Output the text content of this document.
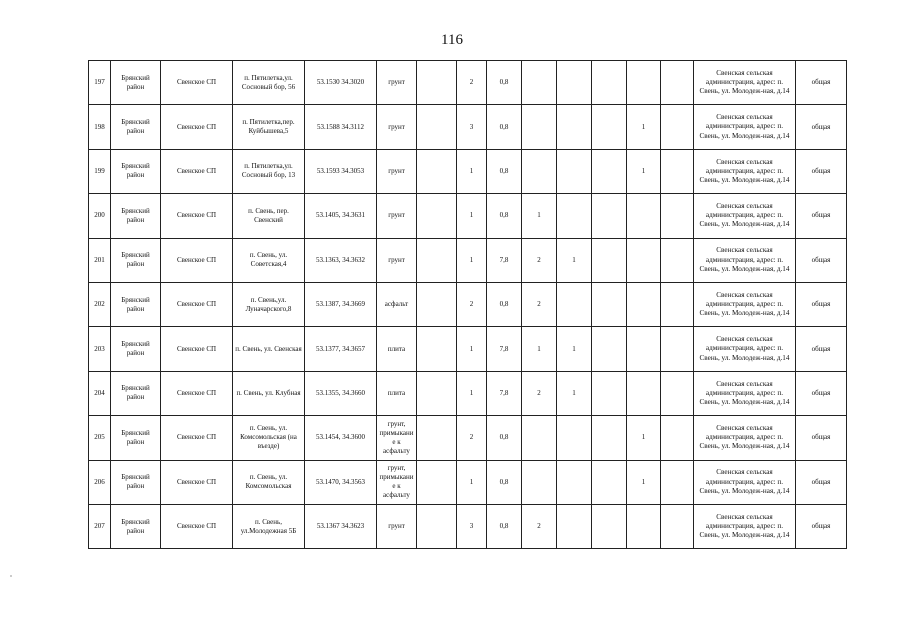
116
197	Брянский район	Свенское СП	п. Пятилетка,ул. Сосновый бор, 56	53.1530 34.3020	грунт		2	0,8						Свенская сельская администрация, адрес: п. Свень, ул. Молодеж-ная, д.14	общая
198	Брянский район	Свенское СП	п. Пятилетка,пер. Куйбышева,5	53.1588 34.3112	грунт		3	0,8				1		Свенская сельская администрация, адрес: п. Свень, ул. Молодеж-ная, д.14	общая
199	Брянский район	Свенское СП	п. Пятилетка,ул. Сосновый бор, 13	53.1593 34.3053	грунт		1	0,8				1		Свенская сельская администрация, адрес: п. Свень, ул. Молодеж-ная, д.14	общая
200	Брянский район	Свенское СП	п. Свень, пер. Свенский	53.1405, 34.3631	грунт		1	0,8	1					Свенская сельская администрация, адрес: п. Свень, ул. Молодеж-ная, д.14	общая
201	Брянский район	Свенское СП	п. Свень, ул. Советская,4	53.1363, 34.3632	грунт		1	7,8	2	1				Свенская сельская администрация, адрес: п. Свень, ул. Молодеж-ная, д.14	общая
202	Брянский район	Свенское СП	п. Свень,ул. Луначарского,8	53.1387, 34.3669	асфальт		2	0,8	2					Свенская сельская администрация, адрес: п. Свень, ул. Молодеж-ная, д.14	общая
203	Брянский район	Свенское СП	п. Свень, ул. Свенская	53.1377, 34.3657	плита		1	7,8	1	1				Свенская сельская администрация, адрес: п. Свень, ул. Молодеж-ная, д.14	общая
204	Брянский район	Свенское СП	п. Свень, ул. Клубная	53.1355, 34.3660	плита		1	7,8	2	1				Свенская сельская администрация, адрес: п. Свень, ул. Молодеж-ная, д.14	общая
205	Брянский район	Свенское СП	п. Свень, ул. Комсомольская (на въезде)	53.1454, 34.3600	грунт, примыкание к асфальту		2	0,8				1		Свенская сельская администрация, адрес: п. Свень, ул. Молодеж-ная, д.14	общая
206	Брянский район	Свенское СП	п. Свень, ул. Комсомольская	53.1470, 34.3563	грунт, примыкание к асфальту		1	0,8				1		Свенская сельская администрация, адрес: п. Свень, ул. Молодеж-ная, д.14	общая
207	Брянский район	Свенское СП	п. Свень, ул.Молодежная 5Б	53.1367 34.3623	грунт		3	0,8	2					Свенская сельская администрация, адрес: п. Свень, ул. Молодеж-ная, д.14	общая
